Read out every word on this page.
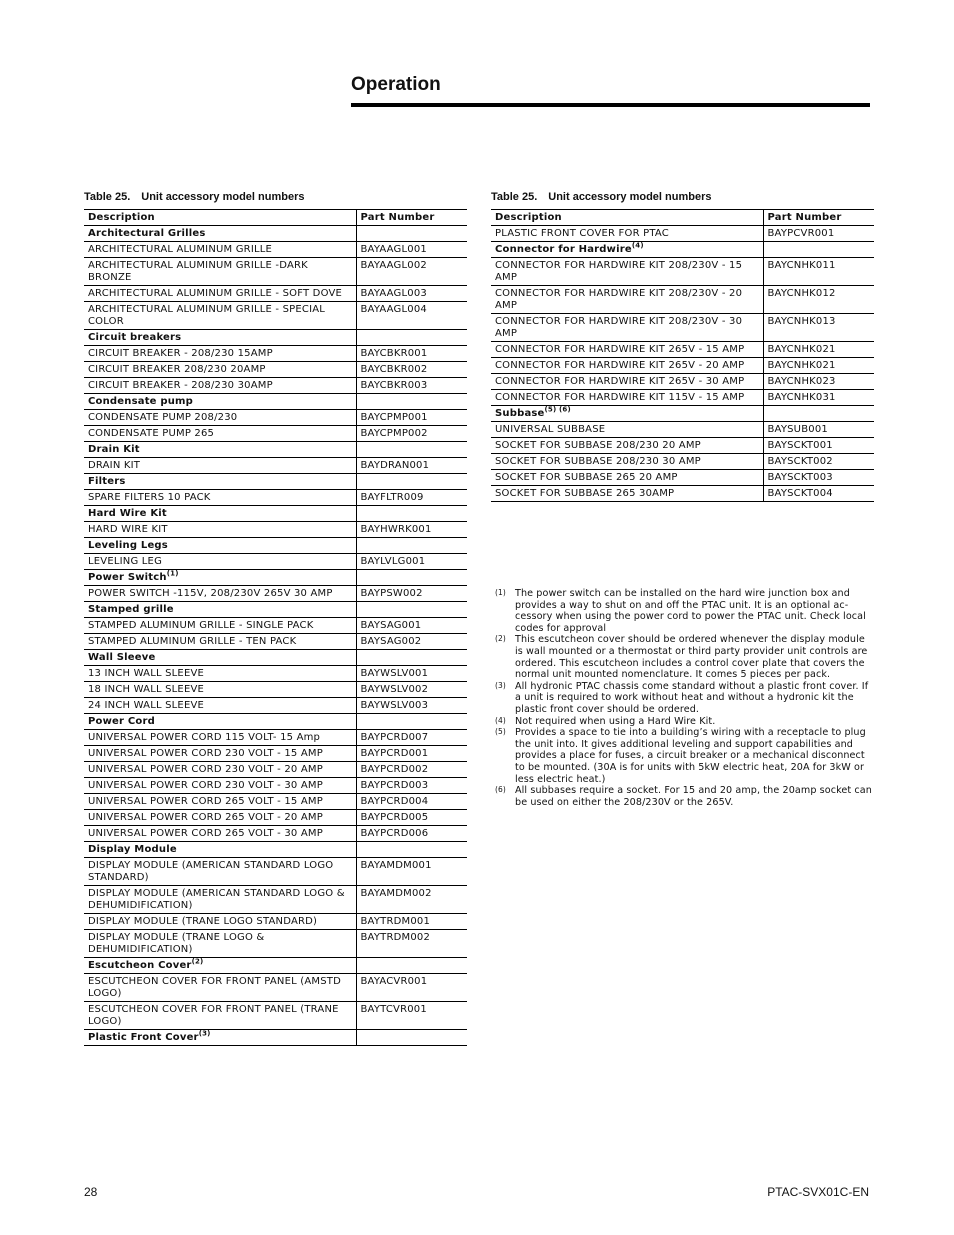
Operation
Table 25. Unit accessory model numbers
Description	Part Number
Architectural Grilles	
ARCHITECTURAL ALUMINUM GRILLE	BAYAAGL001
ARCHITECTURAL ALUMINUM GRILLE -DARK BRONZE	BAYAAGL002
ARCHITECTURAL ALUMINUM GRILLE - SOFT DOVE	BAYAAGL003
ARCHITECTURAL ALUMINUM GRILLE - SPECIAL COLOR	BAYAAGL004
Circuit breakers	
CIRCUIT BREAKER - 208/230 15AMP	BAYCBKR001
CIRCUIT BREAKER 208/230 20AMP	BAYCBKR002
CIRCUIT BREAKER - 208/230 30AMP	BAYCBKR003
Condensate pump	
CONDENSATE PUMP 208/230	BAYCPMP001
CONDENSATE PUMP 265	BAYCPMP002
Drain Kit	
DRAIN KIT	BAYDRAN001
Filters	
SPARE FILTERS 10 PACK	BAYFLTR009
Hard Wire Kit	
HARD WIRE KIT	BAYHWRK001
Leveling Legs	
LEVELING LEG	BAYLVLG001
Power Switch$^{(1)}$	
POWER SWITCH -115V, 208/230V 265V 30 AMP	BAYPSW002
Stamped grille	
STAMPED ALUMINUM GRILLE - SINGLE PACK	BAYSAG001
STAMPED ALUMINUM GRILLE - TEN PACK	BAYSAG002
Wall Sleeve	
13 INCH WALL SLEEVE	BAYWSLV001
18 INCH WALL SLEEVE	BAYWSLV002
24 INCH WALL SLEEVE	BAYWSLV003
Power Cord	
UNIVERSAL POWER CORD 115 VOLT- 15 Amp	BAYPCRD007
UNIVERSAL POWER CORD 230 VOLT - 15 AMP	BAYPCRD001
UNIVERSAL POWER CORD 230 VOLT - 20 AMP	BAYPCRD002
UNIVERSAL POWER CORD 230 VOLT - 30 AMP	BAYPCRD003
UNIVERSAL POWER CORD 265 VOLT - 15 AMP	BAYPCRD004
UNIVERSAL POWER CORD 265 VOLT - 20 AMP	BAYPCRD005
UNIVERSAL POWER CORD 265 VOLT - 30 AMP	BAYPCRD006
Display Module	
DISPLAY MODULE (AMERICAN STANDARD LOGO STANDARD)	BAYAMDM001
DISPLAY MODULE (AMERICAN STANDARD LOGO & DEHUMIDIFICATION)	BAYAMDM002
DISPLAY MODULE (TRANE LOGO STANDARD)	BAYTRDM001
DISPLAY MODULE (TRANE LOGO & DEHUMIDIFICATION)	BAYTRDM002
Escutcheon Cover$^{(2)}$	
ESCUTCHEON COVER FOR FRONT PANEL (AMSTD LOGO)	BAYACVR001
ESCUTCHEON COVER FOR FRONT PANEL (TRANE LOGO)	BAYTCVR001
Plastic Front Cover$^{(3)}$	
Table 25. Unit accessory model numbers
Description	Part Number
PLASTIC FRONT COVER FOR PTAC	BAYPCVR001
Connector for Hardwire$^{(4)}$	
CONNECTOR FOR HARDWIRE KIT 208/230V - 15 AMP	BAYCNHK011
CONNECTOR FOR HARDWIRE KIT 208/230V - 20 AMP	BAYCNHK012
CONNECTOR FOR HARDWIRE KIT 208/230V - 30 AMP	BAYCNHK013
CONNECTOR FOR HARDWIRE KIT 265V - 15 AMP	BAYCNHK021
CONNECTOR FOR HARDWIRE KIT 265V - 20 AMP	BAYCNHK021
CONNECTOR FOR HARDWIRE KIT 265V - 30 AMP	BAYCNHK023
CONNECTOR FOR HARDWIRE KIT 115V - 15 AMP	BAYCNHK031
Subbase$^{(5) (6)}$	
UNIVERSAL SUBBASE	BAYSUB001
SOCKET FOR SUBBASE 208/230 20 AMP	BAYSCKT001
SOCKET FOR SUBBASE 208/230 30 AMP	BAYSCKT002
SOCKET FOR SUBBASE 265 20 AMP	BAYSCKT003
SOCKET FOR SUBBASE 265 30AMP	BAYSCKT004
(1) The power switch can be installed on the hard wire junction box and provides a way to shut on and off the PTAC unit. It is an optional ac-cessory when using the power cord to power the PTAC unit. Check local codes for approval
(2) This escutcheon cover should be ordered whenever the display module is wall mounted or a thermostat or third party provider unit controls are ordered. This escutcheon includes a control cover plate that covers the normal unit mounted nomenclature. It comes 5 pieces per pack.
(3) All hydronic PTAC chassis come standard without a plastic front cover. If a unit is required to work without heat and without a hydronic kit the plastic front cover should be ordered.
(4) Not required when using a Hard Wire Kit.
(5) Provides a space to tie into a building’s wiring with a receptacle to plug the unit into. It gives additional leveling and support capabilities and provides a place for fuses, a circuit breaker or a mechanical disconnect to be mounted. (30A is for units with 5kW electric heat, 20A for 3kW or less electric heat.)
(6) All subbases require a socket. For 15 and 20 amp, the 20amp socket can be used on either the 208/230V or the 265V.
28	PTAC-SVX01C-EN
